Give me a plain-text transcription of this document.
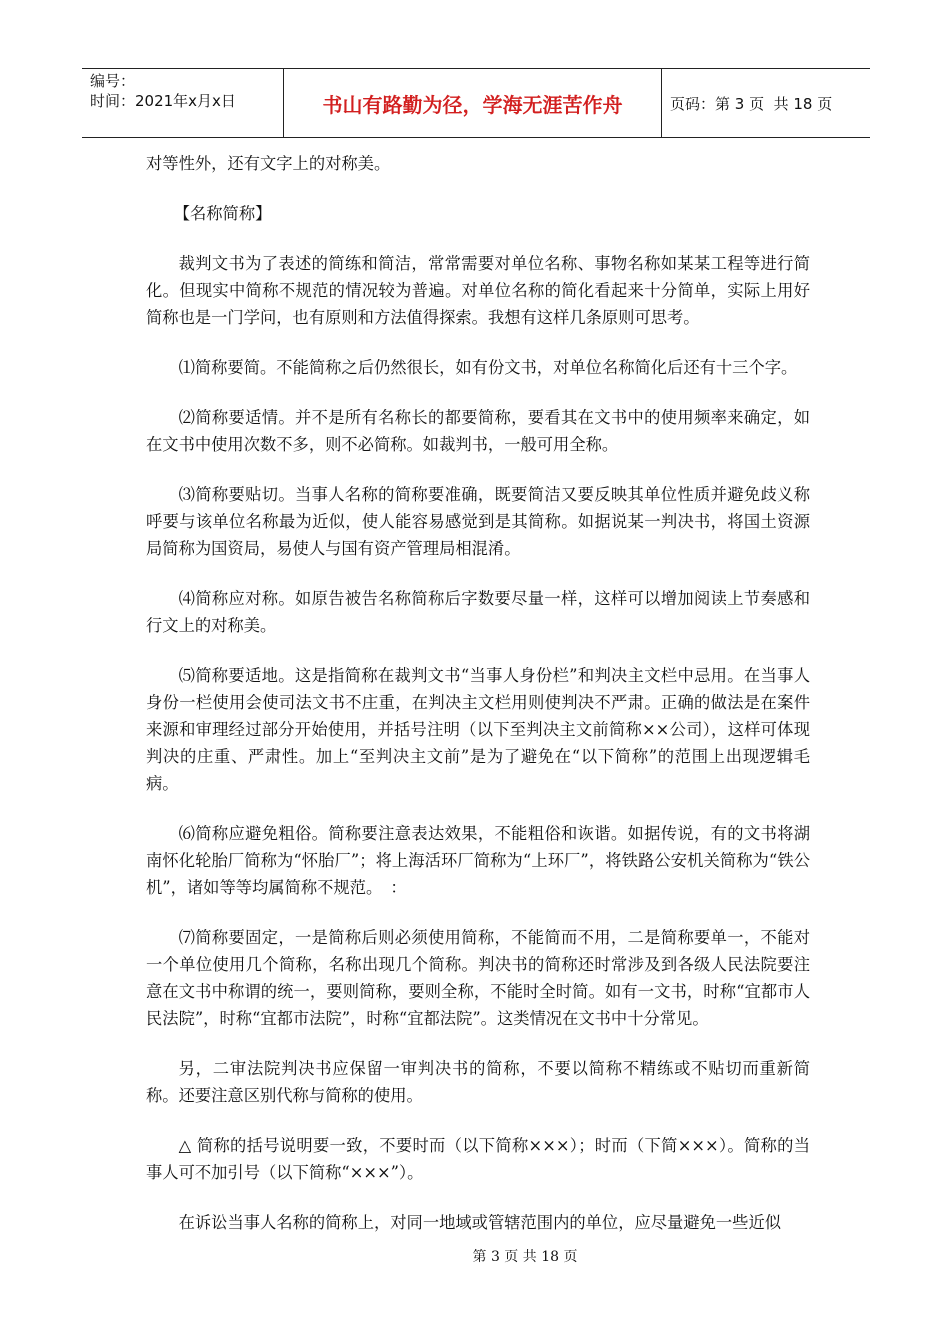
编号：
时间：2021年x月x日	书山有路勤为径，学海无涯苦作舟	页码：第 3 页  共 18 页

对等性外，还有文字上的对称美。

【名称简称】

裁判文书为了表述的简练和简洁，常常需要对单位名称、事物名称如某某工程等进行简化。但现实中简称不规范的情况较为普遍。对单位名称的简化看起来十分简单，实际上用好简称也是一门学问，也有原则和方法值得探索。我想有这样几条原则可思考。

⑴简称要简。不能简称之后仍然很长，如有份文书，对单位名称简化后还有十三个字。

⑵简称要适情。并不是所有名称长的都要简称，要看其在文书中的使用频率来确定，如在文书中使用次数不多，则不必简称。如裁判书，一般可用全称。

⑶简称要贴切。当事人名称的简称要准确，既要简洁又要反映其单位性质并避免歧义称呼要与该单位名称最为近似，使人能容易感觉到是其简称。如据说某一判决书，将国土资源局简称为国资局，易使人与国有资产管理局相混淆。

⑷简称应对称。如原告被告名称简称后字数要尽量一样，这样可以增加阅读上节奏感和行文上的对称美。

⑸简称要适地。这是指简称在裁判文书“当事人身份栏”和判决主文栏中忌用。在当事人身份一栏使用会使司法文书不庄重，在判决主文栏用则使判决不严肃。正确的做法是在案件来源和审理经过部分开始使用，并括号注明（以下至判决主文前简称××公司），这样可体现判决的庄重、严肃性。加上“至判决主文前”是为了避免在“以下简称”的范围上出现逻辑毛病。

⑹简称应避免粗俗。简称要注意表达效果，不能粗俗和诙谐。如据传说，有的文书将湖南怀化轮胎厂简称为“怀胎厂”；将上海活环厂简称为“上环厂”，将铁路公安机关简称为“铁公机”，诸如等等均属简称不规范。　：

⑺简称要固定，一是简称后则必须使用简称，不能简而不用，二是简称要单一，不能对一个单位使用几个简称，名称出现几个简称。判决书的简称还时常涉及到各级人民法院要注意在文书中称谓的统一，要则简称，要则全称，不能时全时简。如有一文书，时称“宜都市人民法院”，时称“宜都市法院”，时称“宜都法院”。这类情况在文书中十分常见。

另，二审法院判决书应保留一审判决书的简称，不要以简称不精练或不贴切而重新简称。还要注意区别代称与简称的使用。

△ 简称的括号说明要一致，不要时而（以下简称×××）；时而（下简×××）。简称的当事人可不加引号（以下简称“×××”）。

在诉讼当事人名称的简称上，对同一地域或管辖范围内的单位，应尽量避免一些近似

第 3 页 共 18 页
